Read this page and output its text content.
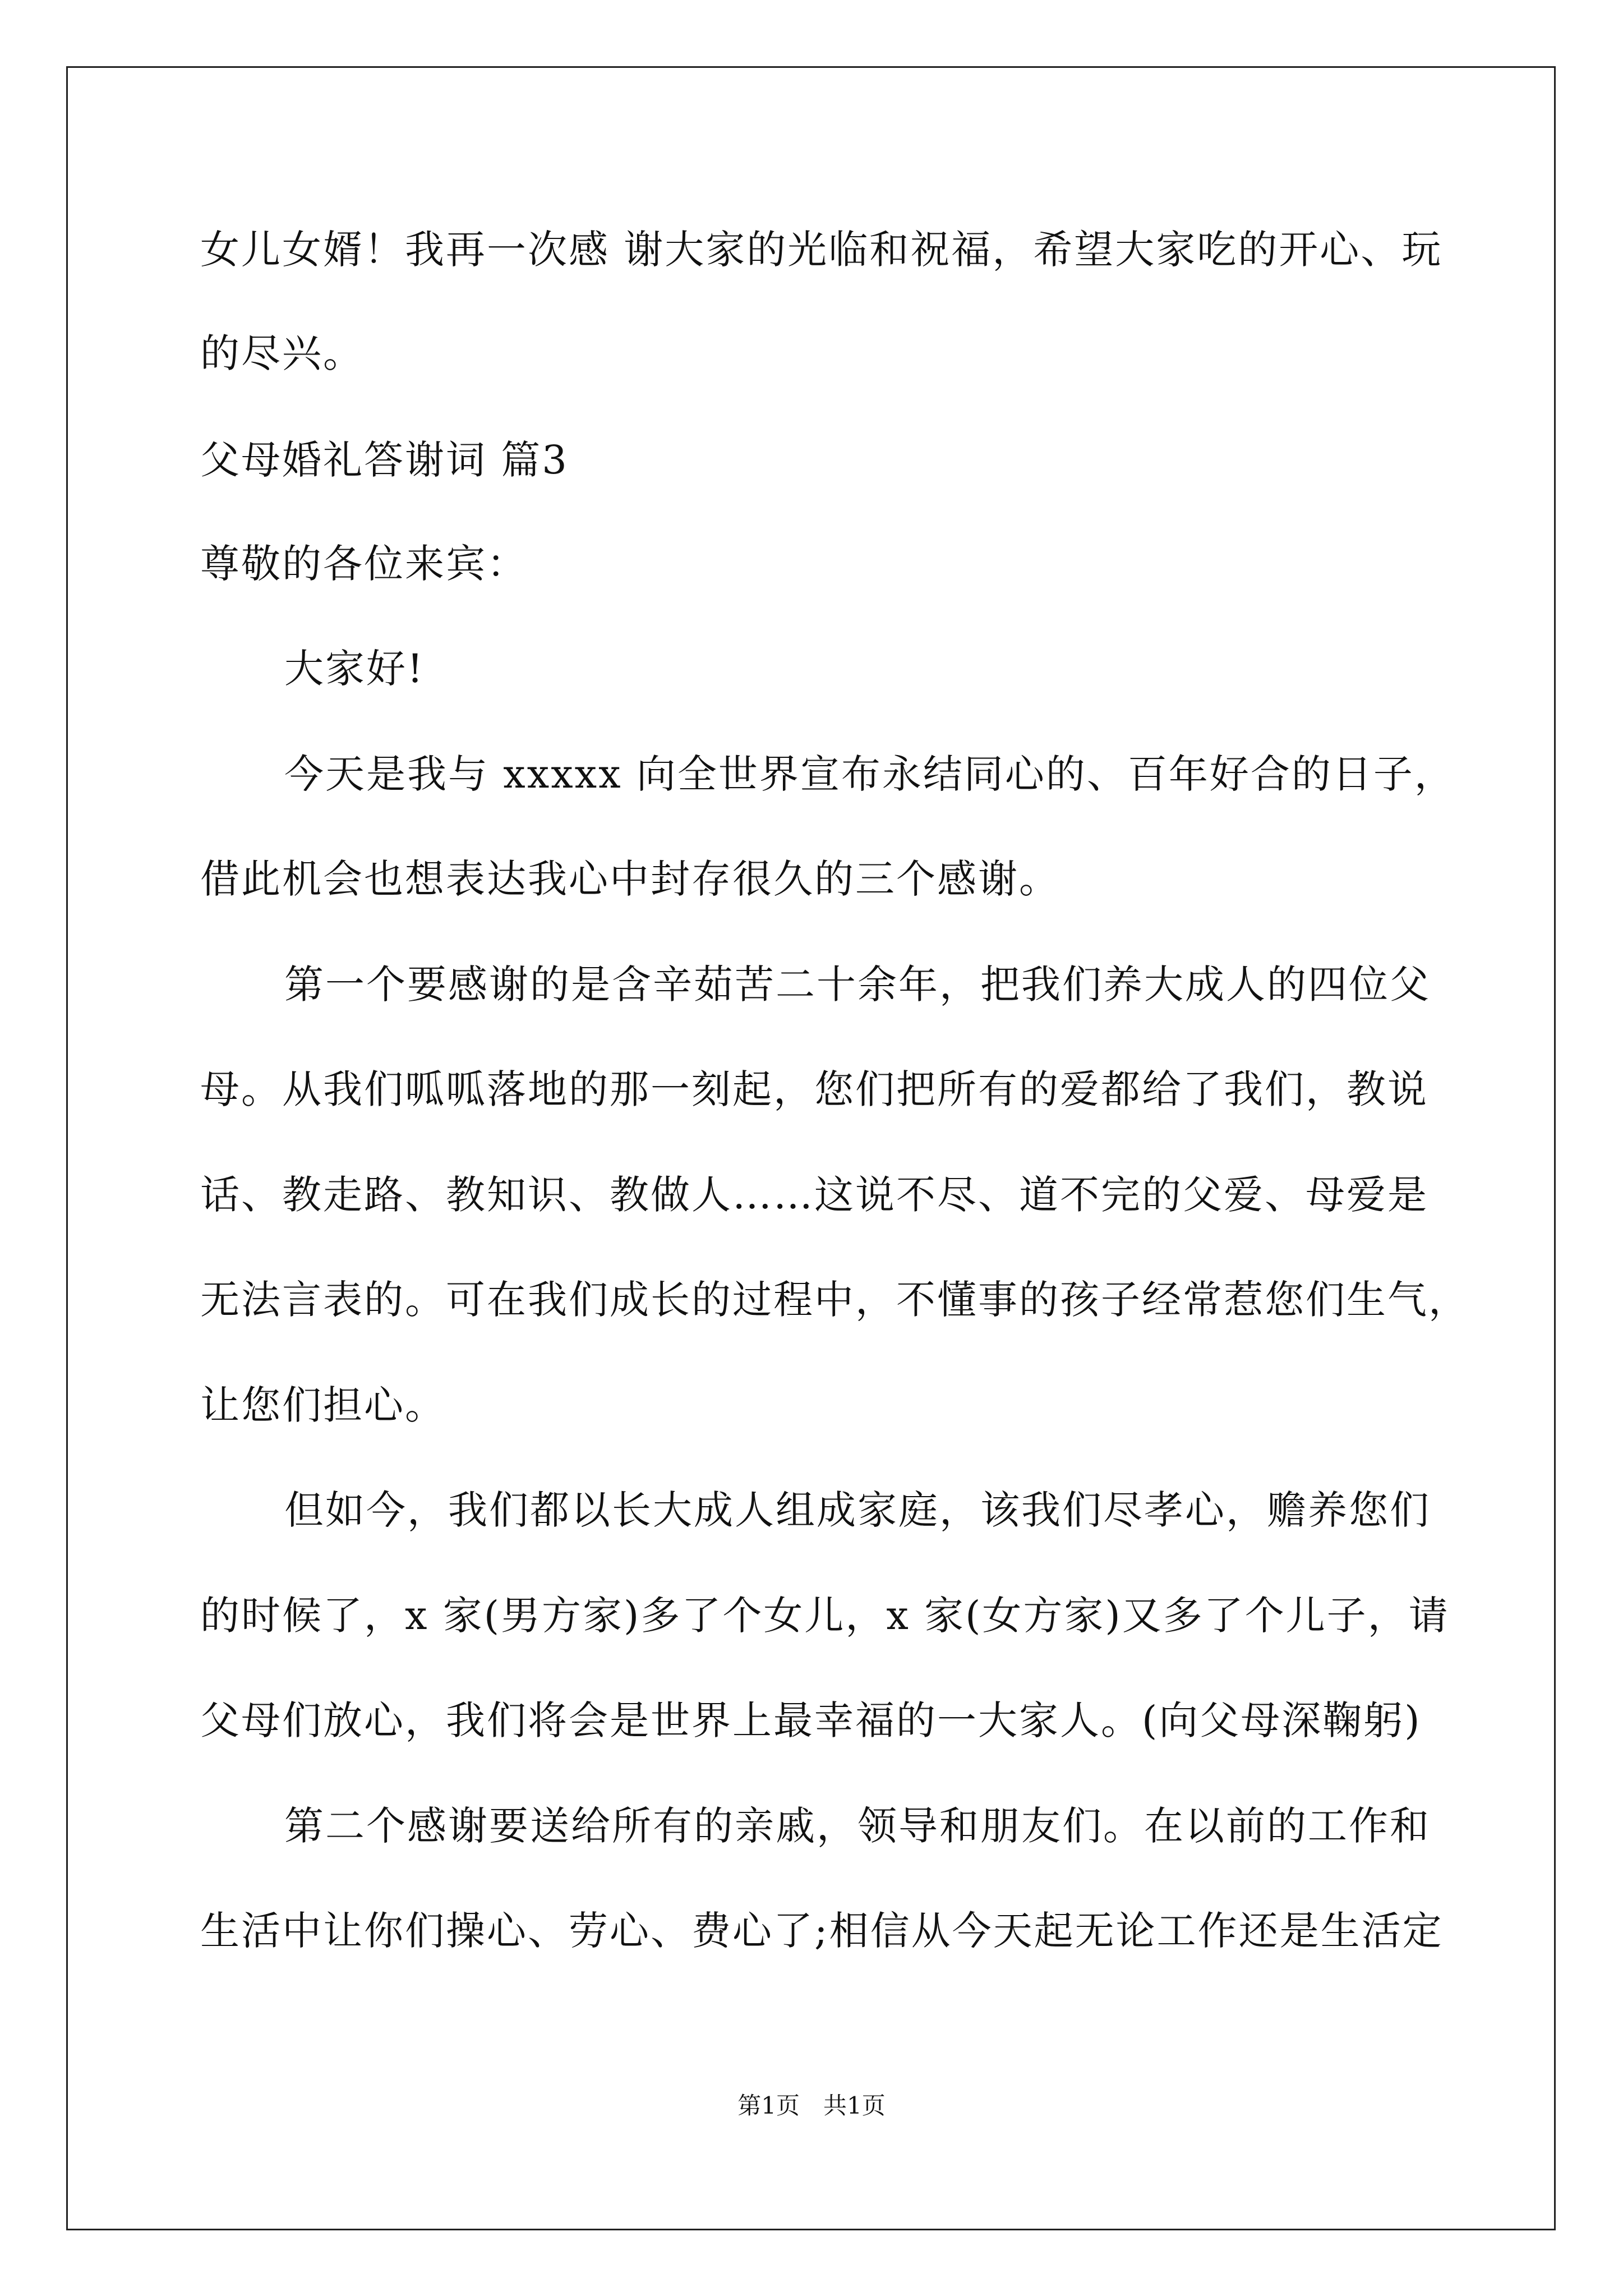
女儿女婿！我再一次感 谢大家的光临和祝福，希望大家吃的开心、玩
的尽兴。
父母婚礼答谢词 篇3
尊敬的各位来宾：
大家好!
今天是我与 xxxxx 向全世界宣布永结同心的、百年好合的日子，
借此机会也想表达我心中封存很久的三个感谢。
第一个要感谢的是含辛茹苦二十余年，把我们养大成人的四位父
母。从我们呱呱落地的那一刻起，您们把所有的爱都给了我们，教说
话、教走路、教知识、教做人……这说不尽、道不完的父爱、母爱是
无法言表的。可在我们成长的过程中，不懂事的孩子经常惹您们生气，
让您们担心。
但如今，我们都以长大成人组成家庭，该我们尽孝心，赡养您们
的时候了，x 家(男方家)多了个女儿，x 家(女方家)又多了个儿子，请
父母们放心，我们将会是世界上最幸福的一大家人。(向父母深鞠躬)
第二个感谢要送给所有的亲戚，领导和朋友们。在以前的工作和
生活中让你们操心、劳心、费心了;相信从今天起无论工作还是生活定
第1页　共1页
